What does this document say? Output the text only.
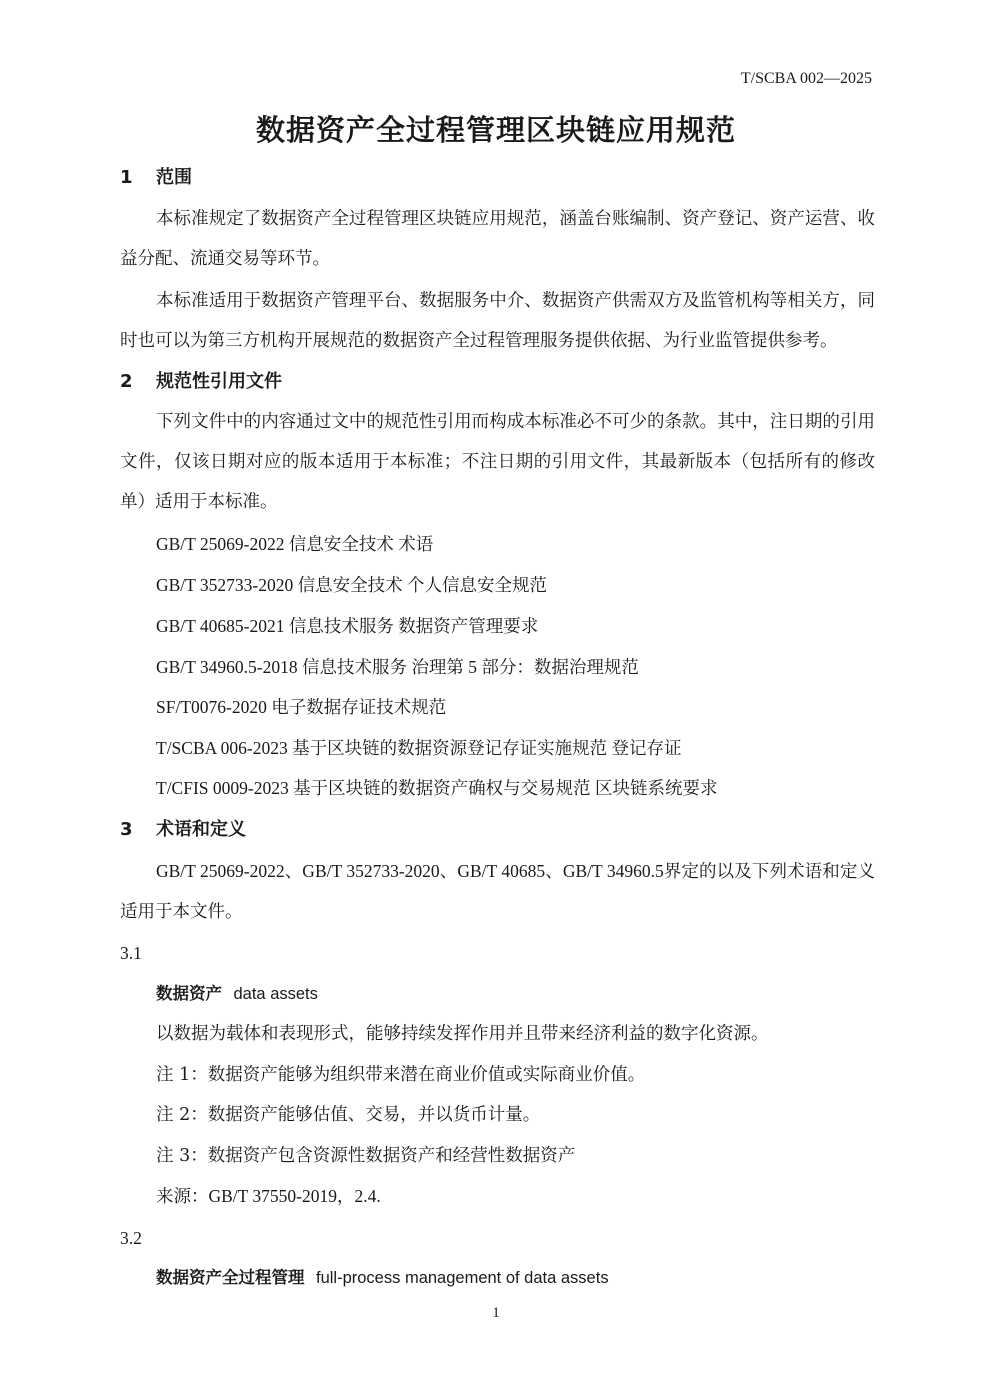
T/SCBA 002—2025
数据资产全过程管理区块链应用规范
1 范围

本标准规定了数据资产全过程管理区块链应用规范，涵盖台账编制、资产登记、资产运营、收益分配、流通交易等环节。

本标准适用于数据资产管理平台、数据服务中介、数据资产供需双方及监管机构等相关方，同时也可以为第三方机构开展规范的数据资产全过程管理服务提供依据、为行业监管提供参考。

2 规范性引用文件

下列文件中的内容通过文中的规范性引用而构成本标准必不可少的条款。其中，注日期的引用文件，仅该日期对应的版本适用于本标准；不注日期的引用文件，其最新版本（包括所有的修改单）适用于本标准。

GB/T 25069-2022 信息安全技术 术语
GB/T 352733-2020 信息安全技术 个人信息安全规范
GB/T 40685-2021 信息技术服务 数据资产管理要求
GB/T 34960.5-2018 信息技术服务 治理第 5 部分：数据治理规范
SF/T0076-2020 电子数据存证技术规范
T/SCBA 006-2023 基于区块链的数据资源登记存证实施规范 登记存证
T/CFIS 0009-2023 基于区块链的数据资产确权与交易规范 区块链系统要求
3 术语和定义

GB/T 25069-2022、GB/T 352733-2020、GB/T 40685、GB/T 34960.5界定的以及下列术语和定义适用于本文件。

3.1
数据资产 data assets
以数据为载体和表现形式，能够持续发挥作用并且带来经济利益的数字化资源。
注 1：数据资产能够为组织带来潜在商业价值或实际商业价值。
注 2：数据资产能够估值、交易，并以货币计量。
注 3：数据资产包含资源性数据资产和经营性数据资产
来源：GB/T 37550-2019，2.4.
3.2
数据资产全过程管理 full-process management of data assets
1
